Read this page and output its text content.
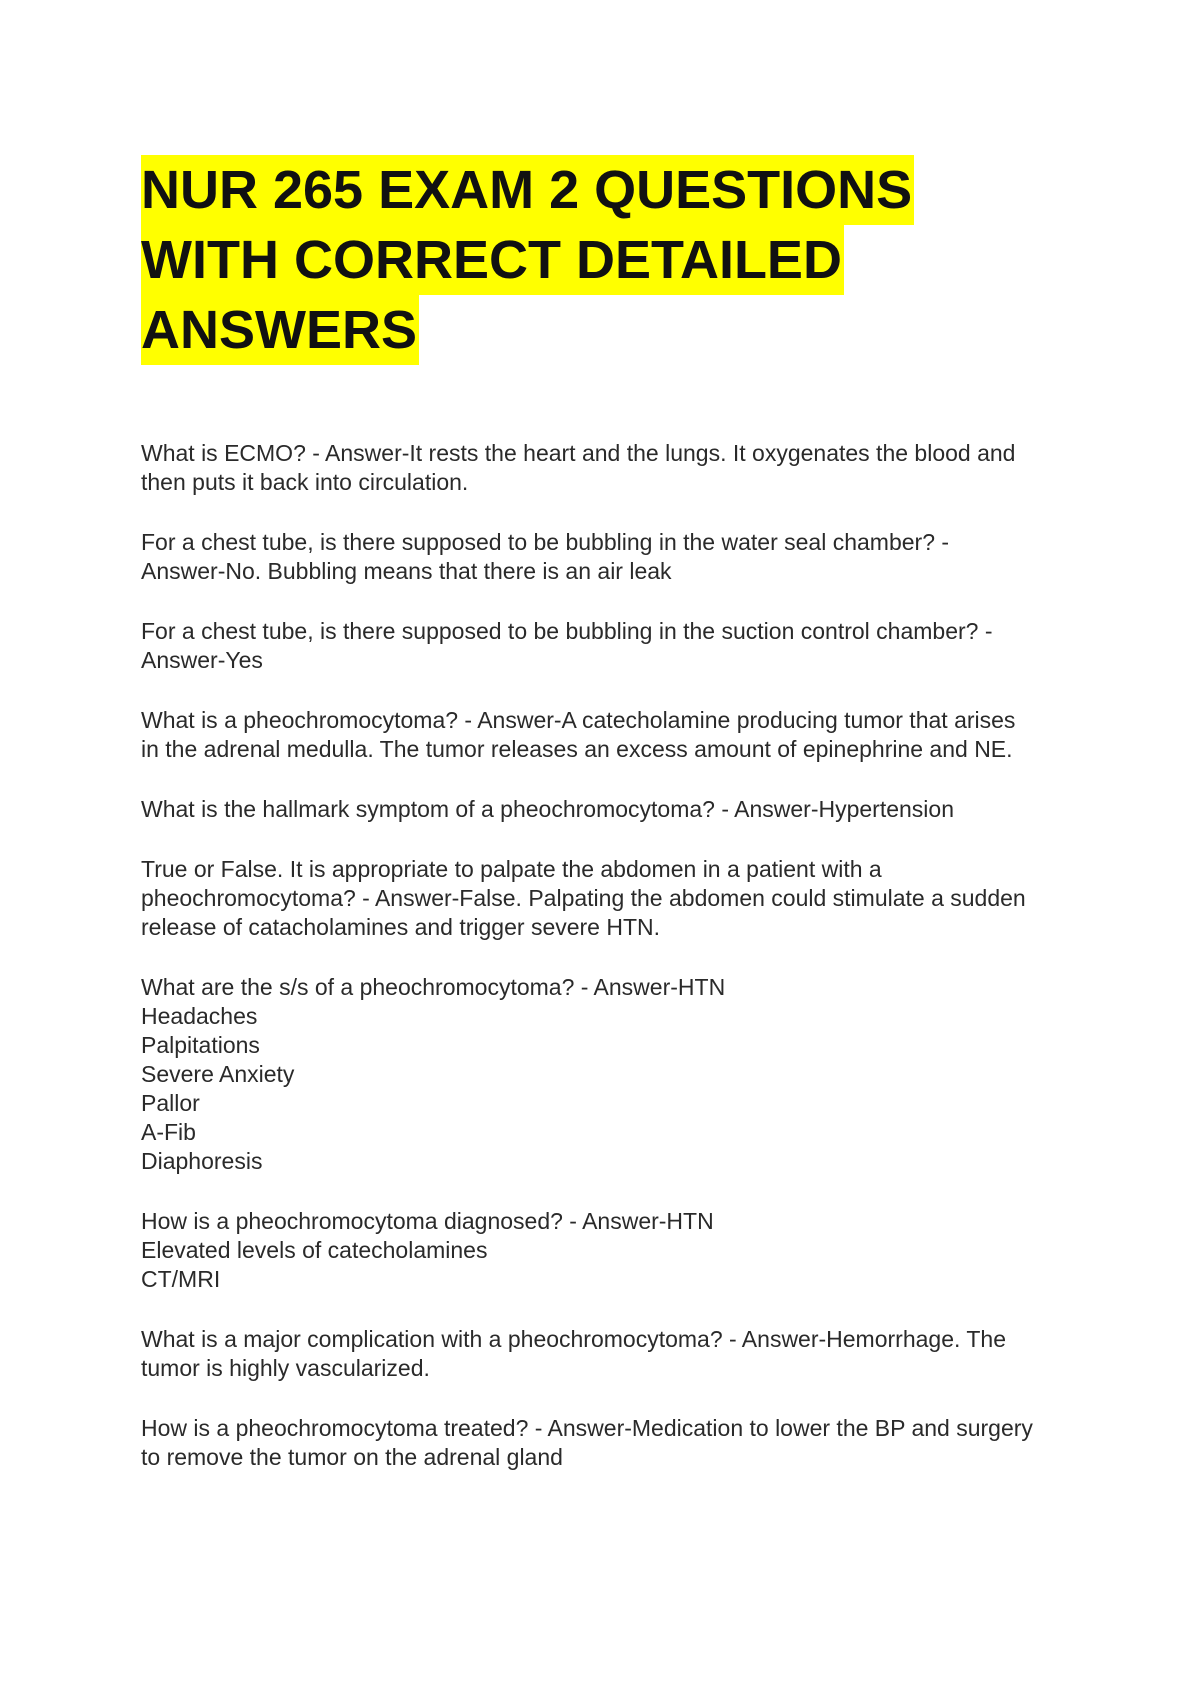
NUR 265 EXAM 2 QUESTIONS
WITH CORRECT DETAILED
ANSWERS
What is ECMO? - Answer-It rests the heart and the lungs. It oxygenates the blood and
then puts it back into circulation.
For a chest tube, is there supposed to be bubbling in the water seal chamber? -
Answer-No. Bubbling means that there is an air leak
For a chest tube, is there supposed to be bubbling in the suction control chamber? -
Answer-Yes
What is a pheochromocytoma? - Answer-A catecholamine producing tumor that arises
in the adrenal medulla. The tumor releases an excess amount of epinephrine and NE.
What is the hallmark symptom of a pheochromocytoma? - Answer-Hypertension
True or False. It is appropriate to palpate the abdomen in a patient with a
pheochromocytoma? - Answer-False. Palpating the abdomen could stimulate a sudden
release of catacholamines and trigger severe HTN.
What are the s/s of a pheochromocytoma? - Answer-HTN
Headaches
Palpitations
Severe Anxiety
Pallor
A-Fib
Diaphoresis
How is a pheochromocytoma diagnosed? - Answer-HTN
Elevated levels of catecholamines
CT/MRI
What is a major complication with a pheochromocytoma? - Answer-Hemorrhage. The
tumor is highly vascularized.
How is a pheochromocytoma treated? - Answer-Medication to lower the BP and surgery
to remove the tumor on the adrenal gland
